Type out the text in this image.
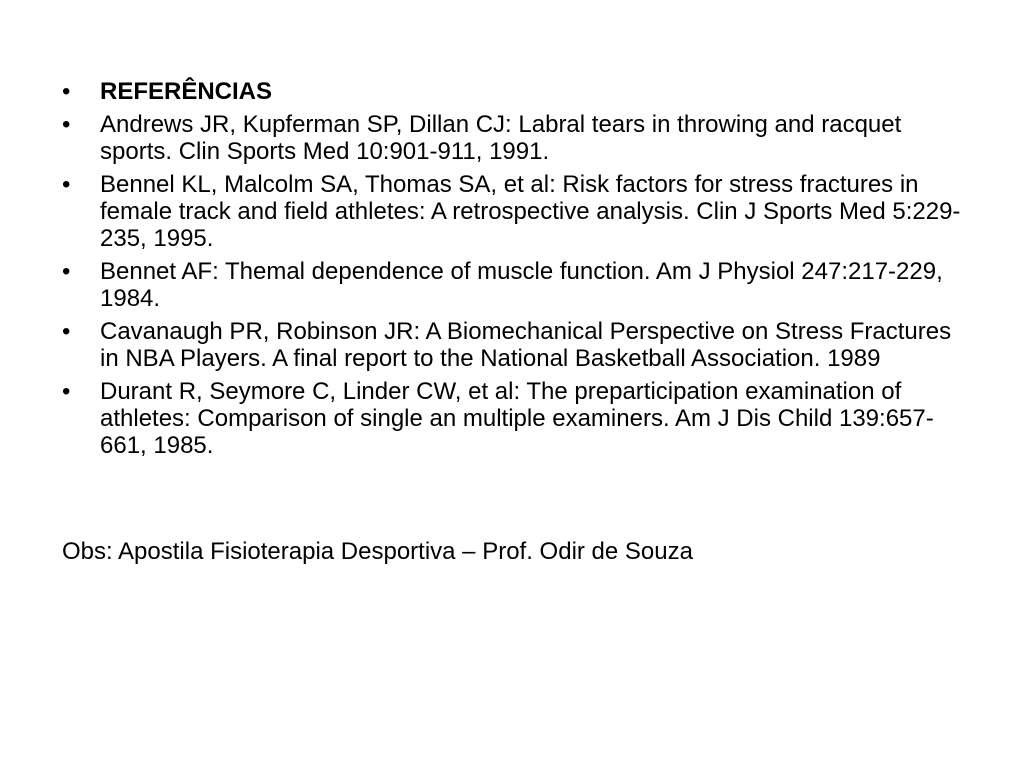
• REFERÊNCIAS
• Andrews JR, Kupferman SP, Dillan CJ: Labral tears in throwing and racquet sports. Clin Sports Med 10:901-911, 1991.
• Bennel KL, Malcolm SA, Thomas SA, et al: Risk factors for stress fractures in female track and field athletes: A retrospective analysis. Clin J Sports Med 5:229-235, 1995.
• Bennet AF: Themal dependence of muscle function. Am J Physiol 247:217-229, 1984.
• Cavanaugh PR, Robinson JR: A Biomechanical Perspective on Stress Fractures in NBA Players. A final report to the National Basketball Association. 1989
• Durant R, Seymore C, Linder CW, et al: The preparticipation examination of athletes: Comparison of single an multiple examiners. Am J Dis Child 139:657-661, 1985.

Obs: Apostila Fisioterapia Desportiva – Prof. Odir de Souza
